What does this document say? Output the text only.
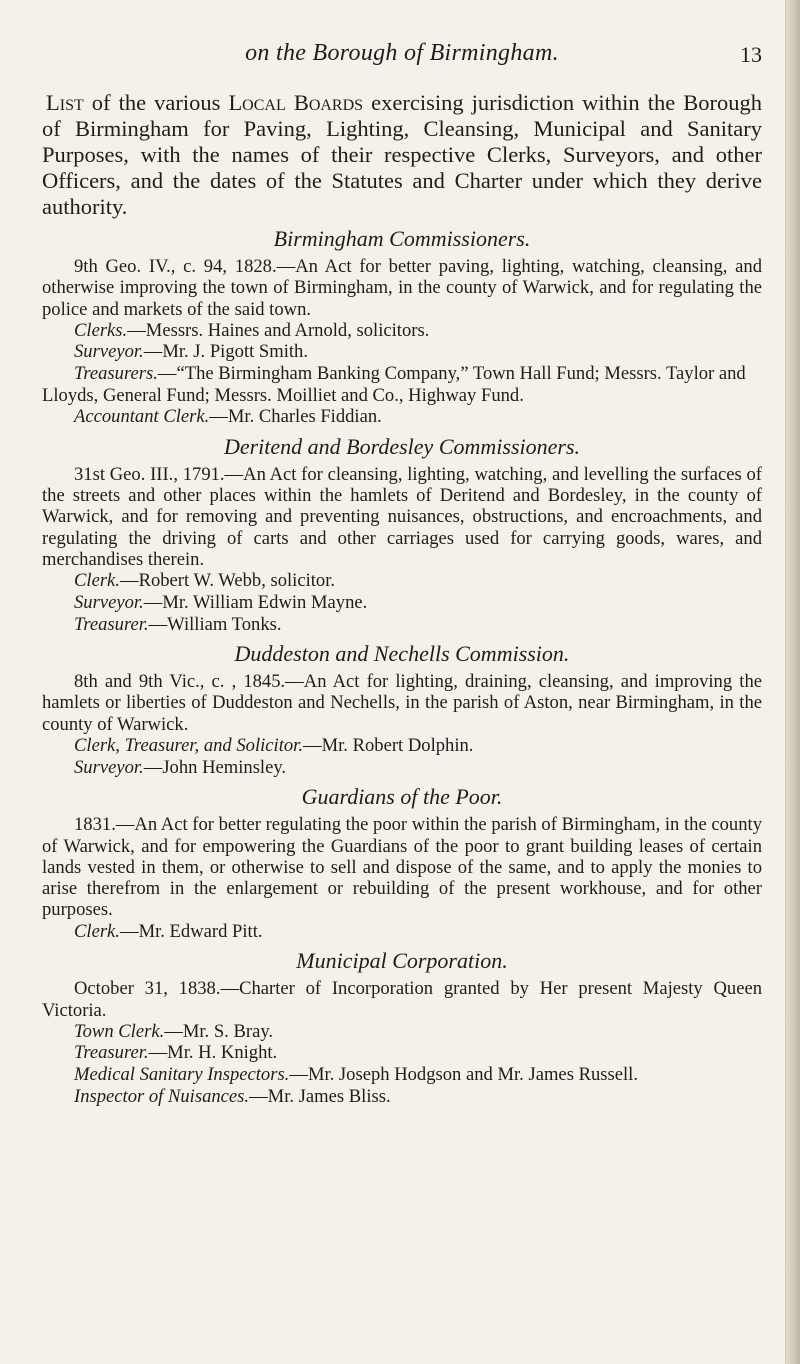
on the Borough of Birmingham.	13

List of the various Local Boards exercising jurisdiction within the Borough of Birmingham for Paving, Lighting, Cleansing, Municipal and Sanitary Purposes, with the names of their respective Clerks, Surveyors, and other Officers, and the dates of the Statutes and Charter under which they derive authority.

Birmingham Commissioners.

9th Geo. IV., c. 94, 1828.—An Act for better paving, lighting, watching, cleansing, and otherwise improving the town of Birmingham, in the county of Warwick, and for regulating the police and markets of the said town.

Clerks.—Messrs. Haines and Arnold, solicitors.

Surveyor.—Mr. J. Pigott Smith.

Treasurers.—“The Birmingham Banking Company,” Town Hall Fund; Messrs. Taylor and Lloyds, General Fund; Messrs. Moilliet and Co., Highway Fund.

Accountant Clerk.—Mr. Charles Fiddian.

Deritend and Bordesley Commissioners.

31st Geo. III., 1791.—An Act for cleansing, lighting, watching, and levelling the surfaces of the streets and other places within the hamlets of Deritend and Bordesley, in the county of Warwick, and for removing and preventing nuisances, obstructions, and encroachments, and regulating the driving of carts and other carriages used for carrying goods, wares, and merchandises therein.

Clerk.—Robert W. Webb, solicitor.

Surveyor.—Mr. William Edwin Mayne.

Treasurer.—William Tonks.

Duddeston and Nechells Commission.

8th and 9th Vic., c. , 1845.—An Act for lighting, draining, cleansing, and improving the hamlets or liberties of Duddeston and Nechells, in the parish of Aston, near Birmingham, in the county of Warwick.

Clerk, Treasurer, and Solicitor.—Mr. Robert Dolphin.

Surveyor.—John Heminsley.

Guardians of the Poor.

1831.—An Act for better regulating the poor within the parish of Birmingham, in the county of Warwick, and for empowering the Guardians of the poor to grant building leases of certain lands vested in them, or otherwise to sell and dispose of the same, and to apply the monies to arise therefrom in the enlargement or rebuilding of the present workhouse, and for other purposes.

Clerk.—Mr. Edward Pitt.

Municipal Corporation.

October 31, 1838.—Charter of Incorporation granted by Her present Majesty Queen Victoria.

Town Clerk.—Mr. S. Bray.

Treasurer.—Mr. H. Knight.

Medical Sanitary Inspectors.—Mr. Joseph Hodgson and Mr. James Russell.

Inspector of Nuisances.—Mr. James Bliss.
